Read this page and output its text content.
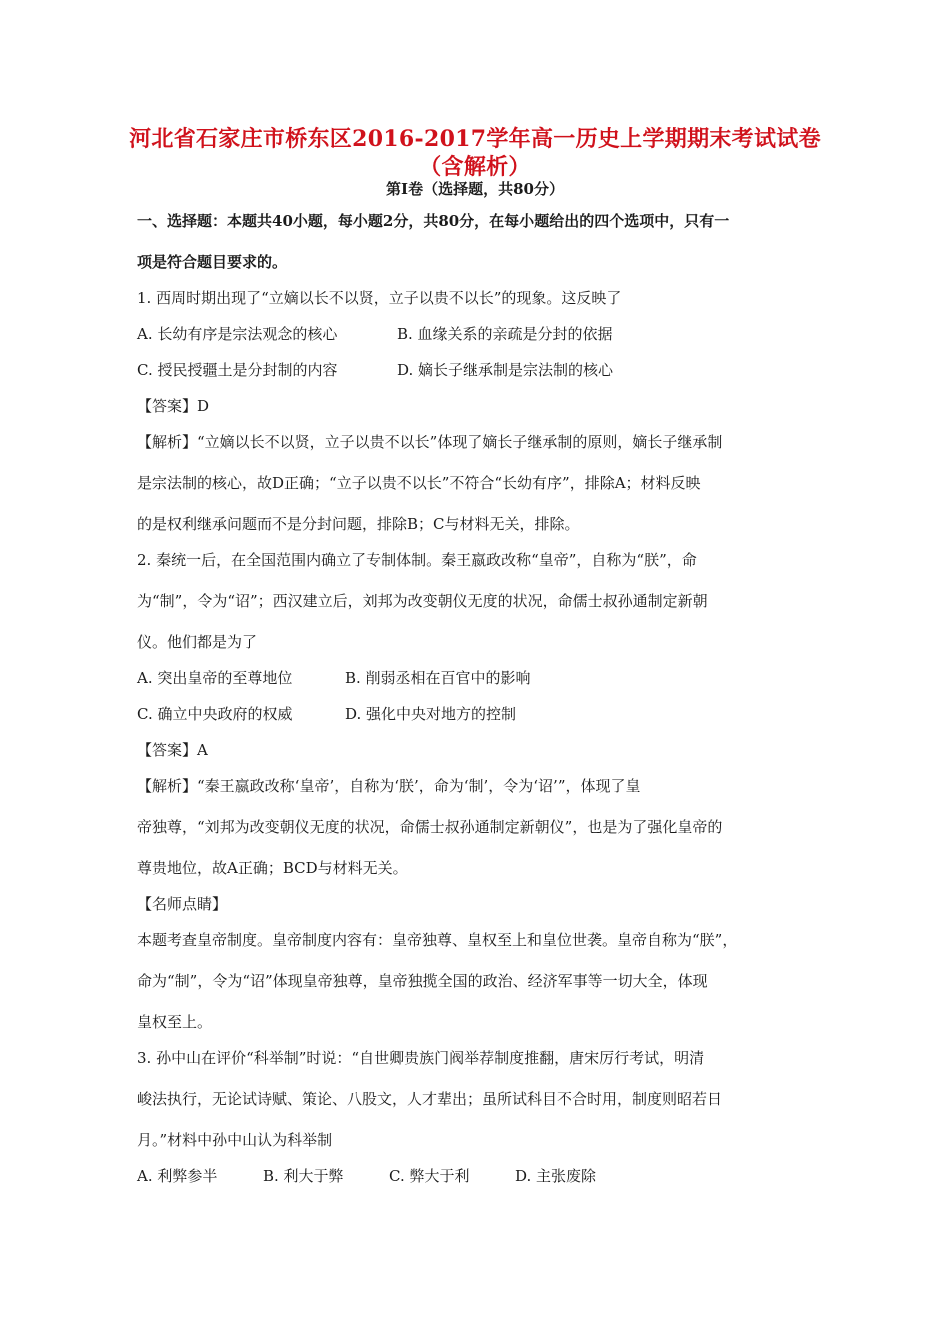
河北省石家庄市桥东区2016-2017学年高一历史上学期期末考试试卷
（含解析）
第Ⅰ卷（选择题，共80分）
一、选择题：本题共40小题，每小题2分，共80分，在每小题给出的四个选项中，只有一
项是符合题目要求的。
1. 西周时期出现了“立嫡以长不以贤，立子以贵不以长”的现象。这反映了
A. 长幼有序是宗法观念的核心	B. 血缘关系的亲疏是分封的依据
C. 授民授疆土是分封制的内容	D. 嫡长子继承制是宗法制的核心
【答案】D
【解析】“立嫡以长不以贤，立子以贵不以长”体现了嫡长子继承制的原则，嫡长子继承制
是宗法制的核心，故D正确；“立子以贵不以长”不符合“长幼有序”，排除A；材料反映
的是权利继承问题而不是分封问题，排除B；C与材料无关，排除。
2. 秦统一后，在全国范围内确立了专制体制。秦王嬴政改称“皇帝”，自称为“朕”，命
为“制”，令为“诏”；西汉建立后，刘邦为改变朝仪无度的状况，命儒士叔孙通制定新朝
仪。他们都是为了
A. 突出皇帝的至尊地位	B. 削弱丞相在百官中的影响
C. 确立中央政府的权威	D. 强化中央对地方的控制
【答案】A
【解析】“秦王嬴政改称‘皇帝’，自称为‘朕’，命为‘制’，令为‘诏’”，体现了皇
帝独尊，“刘邦为改变朝仪无度的状况，命儒士叔孙通制定新朝仪”，也是为了强化皇帝的
尊贵地位，故A正确；BCD与材料无关。
【名师点睛】
本题考查皇帝制度。皇帝制度内容有：皇帝独尊、皇权至上和皇位世袭。皇帝自称为“朕”，
命为“制”，令为“诏”体现皇帝独尊，皇帝独揽全国的政治、经济军事等一切大全，体现
皇权至上。
3. 孙中山在评价“科举制”时说：“自世卿贵族门阀举荐制度推翻，唐宋厉行考试，明清
峻法执行，无论试诗赋、策论、八股文，人才辈出；虽所试科目不合时用，制度则昭若日
月。”材料中孙中山认为科举制
A. 利弊参半	B. 利大于弊	C. 弊大于利	D. 主张废除
